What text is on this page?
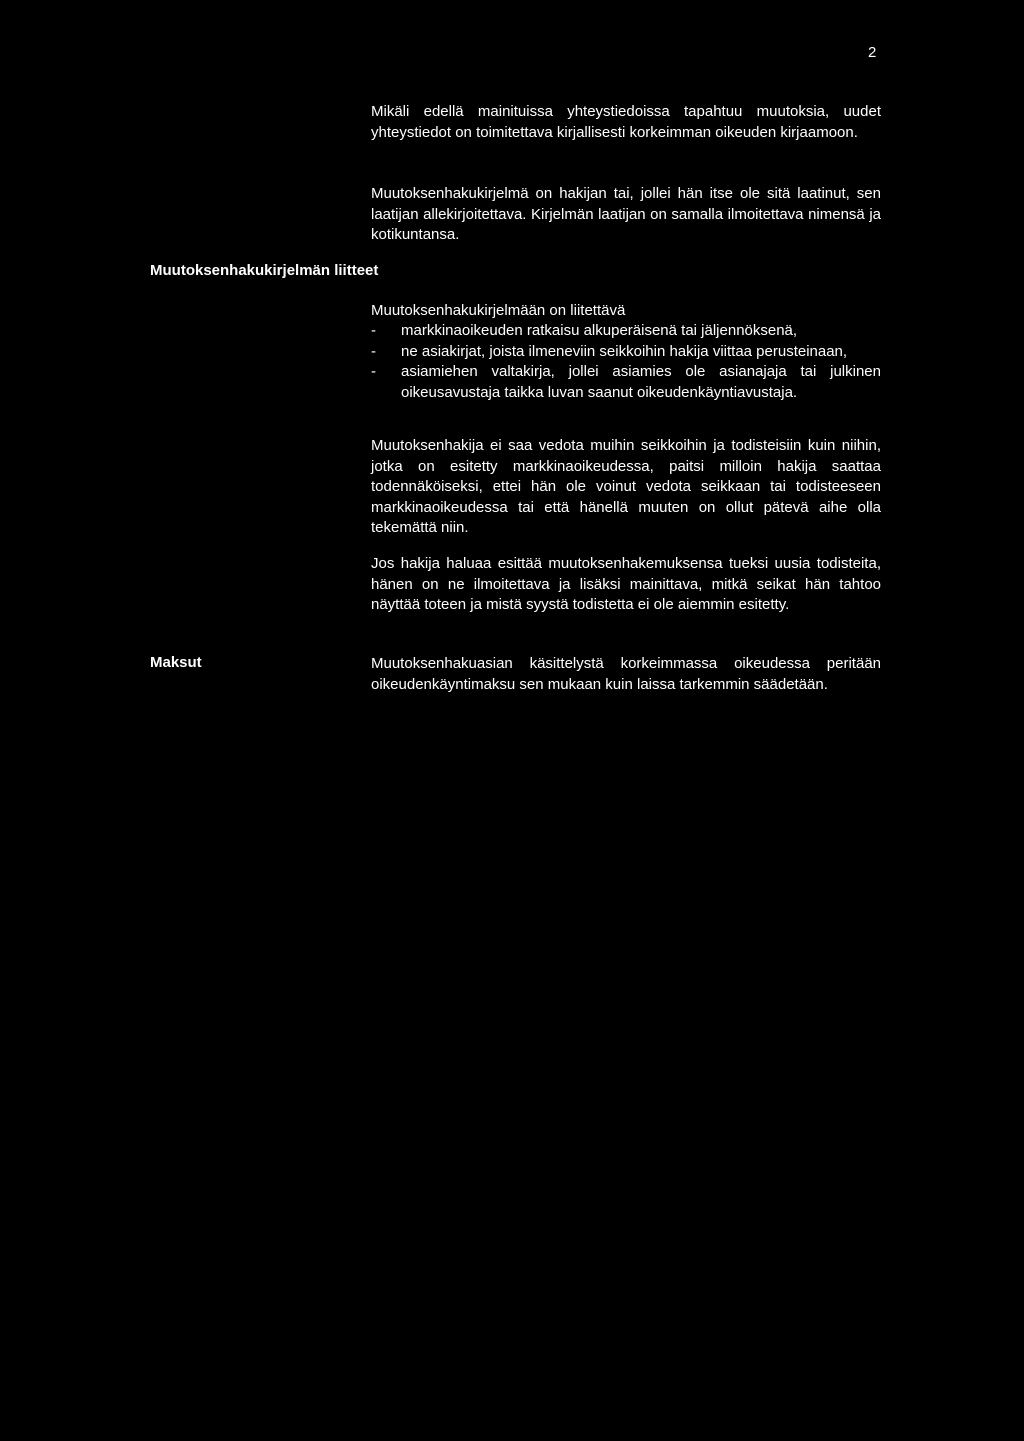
2

Mikäli edellä mainituissa yhteystiedoissa tapahtuu muutoksia, uudet yhteystiedot on toimitettava kirjallisesti korkeimman oikeuden kirjaamoon.

Muutoksenhakukirjelmä on hakijan tai, jollei hän itse ole sitä laatinut, sen laatijan allekirjoitettava. Kirjelmän laatijan on samalla ilmoitettava nimensä ja kotikuntansa.

Muutoksenhakukirjelmän liitteet

Muutoksenhakukirjelmään on liitettävä

- markkinaoikeuden ratkaisu alkuperäisenä tai jäljennöksenä,
- ne asiakirjat, joista ilmeneviin seikkoihin hakija viittaa perusteinaan,
- asiamiehen valtakirja, jollei asiamies ole asianajaja tai julkinen oikeusavustaja taikka luvan saanut oikeudenkäyntiavustaja.

Muutoksenhakija ei saa vedota muihin seikkoihin ja todisteisiin kuin niihin, jotka on esitetty markkinaoikeudessa, paitsi milloin hakija saattaa todennäköiseksi, ettei hän ole voinut vedota seikkaan tai todisteeseen markkinaoikeudessa tai että hänellä muuten on ollut pätevä aihe olla tekemättä niin.

Jos hakija haluaa esittää muutoksenhakemuksensa tueksi uusia todisteita, hänen on ne ilmoitettava ja lisäksi mainittava, mitkä seikat hän tahtoo näyttää toteen ja mistä syystä todistetta ei ole aiemmin esitetty.

Maksut	Muutoksenhakuasian käsittelystä korkeimmassa oikeudessa peritään oikeudenkäyntimaksu sen mukaan kuin laissa tarkemmin säädetään.
